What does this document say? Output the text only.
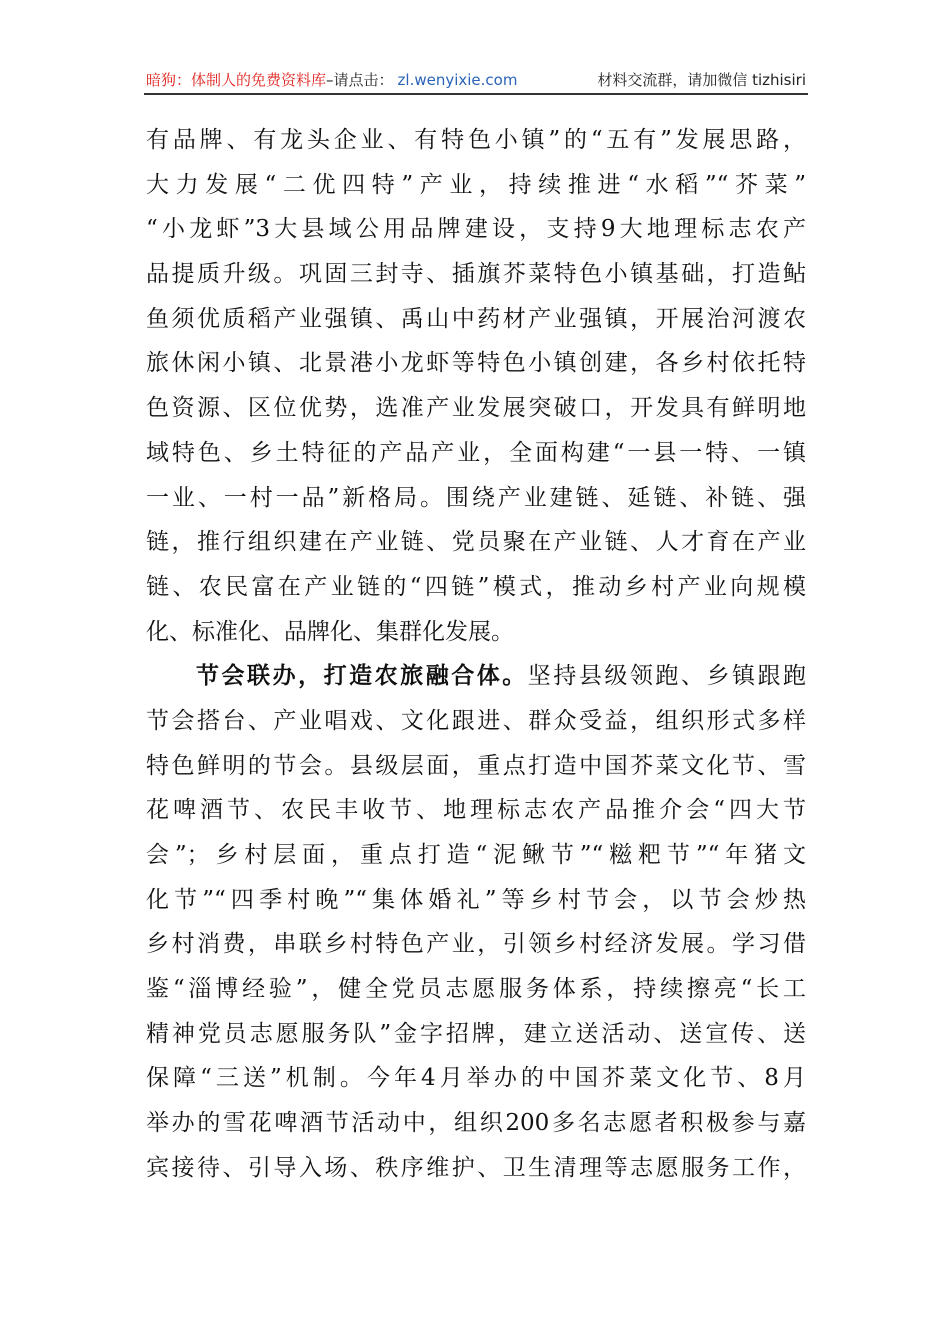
暗狗：体制人的免费资料库 –请点击： zl.wenyixie.com	材料交流群，请加微信 tizhisiri
有品牌、有龙头企业、有特色小镇”的“五有”发展思路，
大力发展“二优四特”产业，持续推进“水稻”“芥菜”
“小龙虾”3大县域公用品牌建设，支持9大地理标志农产
品提质升级。巩固三封寺、插旗芥菜特色小镇基础，打造鲇
鱼须优质稻产业强镇、禹山中药材产业强镇，开展治河渡农
旅休闲小镇、北景港小龙虾等特色小镇创建，各乡村依托特
色资源、区位优势，选准产业发展突破口，开发具有鲜明地
域特色、乡土特征的产品产业，全面构建“一县一特、一镇
一业、一村一品”新格局。围绕产业建链、延链、补链、强
链，推行组织建在产业链、党员聚在产业链、人才育在产业
链、农民富在产业链的“四链”模式，推动乡村产业向规模
化、标准化、品牌化、集群化发展。
节会联办，打造农旅融合体。坚持县级领跑、乡镇跟跑
节会搭台、产业唱戏、文化跟进、群众受益，组织形式多样
特色鲜明的节会。县级层面，重点打造中国芥菜文化节、雪
花啤酒节、农民丰收节、地理标志农产品推介会“四大节
会”；乡村层面，重点打造“泥鳅节”“糍粑节”“年猪文
化节”“四季村晚”“集体婚礼”等乡村节会，以节会炒热
乡村消费，串联乡村特色产业，引领乡村经济发展。学习借
鉴“淄博经验”，健全党员志愿服务体系，持续擦亮“长工
精神党员志愿服务队”金字招牌，建立送活动、送宣传、送
保障“三送”机制。今年4月举办的中国芥菜文化节、8月
举办的雪花啤酒节活动中，组织200多名志愿者积极参与嘉
宾接待、引导入场、秩序维护、卫生清理等志愿服务工作，
